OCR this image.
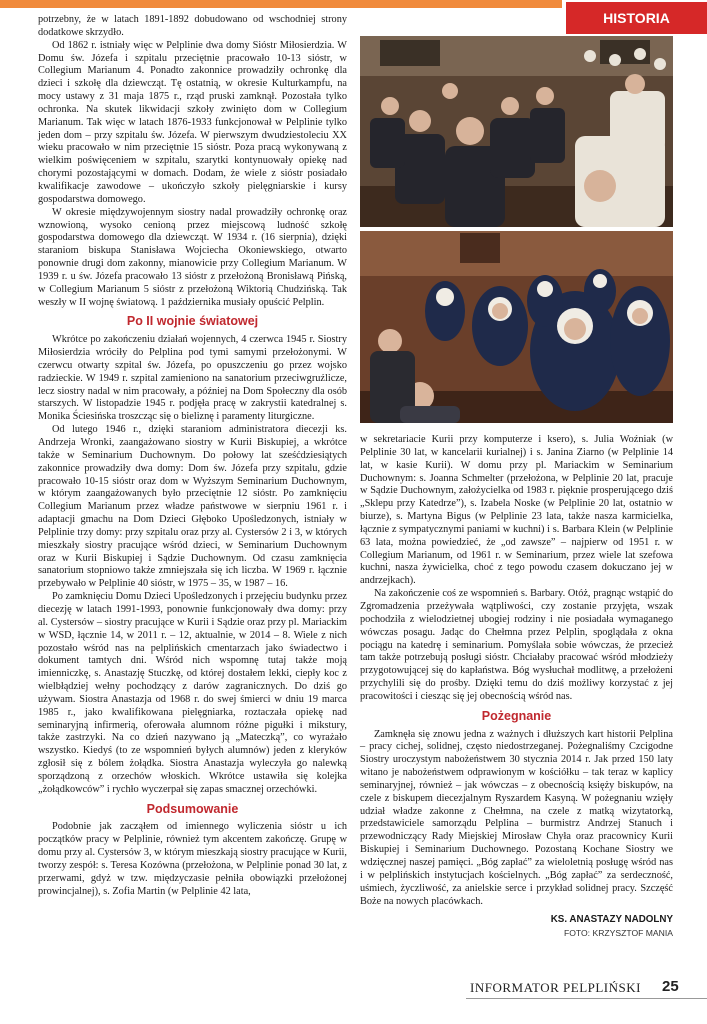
HISTORIA

potrzebny, że w latach 1891-1892 dobudowano od wschodniej strony dodatkowe skrzydło.

Od 1862 r. istniały więc w Pelplinie dwa domy Sióstr Miłosierdzia. W Domu św. Józefa i szpitalu przeciętnie pracowało 10-13 sióstr, w Collegium Marianum 4. Ponadto zakonnice prowadziły ochronkę dla dzieci i szkołę dla dziewcząt. Tę ostatnią, w okresie Kulturkampfu, na mocy ustawy z 31 maja 1875 r., rząd pruski zamknął. Pozostała tylko ochronka. Na skutek likwidacji szkoły zwinięto dom w Collegium Marianum. Tak więc w latach 1876-1933 funkcjonował w Pelplinie tylko jeden dom – przy szpitalu św. Józefa. W pierwszym dwudziestoleciu XX wieku pracowało w nim przeciętnie 15 sióstr. Poza pracą wykonywaną z wielkim poświęceniem w szpitalu, szarytki kontynuowały opiekę nad chorymi pozostającymi w domach. Dodam, że wiele z sióstr posiadało kwalifikacje zawodowe – ukończyło szkoły pielęgniarskie i kursy gospodarstwa domowego.

W okresie międzywojennym siostry nadal prowadziły ochronkę oraz wznowioną, wysoko cenioną przez miejscową ludność szkołę gospodarstwa domowego dla dziewcząt. W 1934 r. (16 sierpnia), dzięki staraniom biskupa Stanisława Wojciecha Okoniewskiego, otwarto ponownie drugi dom zakonny, mianowicie przy Collegium Marianum. W 1939 r. u św. Józefa pracowało 13 sióstr z przełożoną Bronisławą Pińską, w Collegium Marianum 5 sióstr z przełożoną Wiktorią Chudzińską. Tak weszły w II wojnę światową. 1 października musiały opuścić Pelplin.

Po II wojnie światowej

Wkrótce po zakończeniu działań wojennych, 4 czerwca 1945 r. Siostry Miłosierdzia wróciły do Pelplina pod tymi samymi przełożonymi. W czerwcu otwarty szpital św. Józefa, po opuszczeniu go przez wojsko radzieckie. W 1949 r. szpital zamieniono na sanatorium przeciwgruźlicze, lecz siostry nadal w nim pracowały, a później na Dom Społeczny dla osób starszych. W listopadzie 1945 r. podjęła pracę w zakrystii katedralnej s. Monika Ściesińska troszcząc się o bieliznę i paramenty liturgiczne.

Od lutego 1946 r., dzięki staraniom administratora diecezji ks. Andrzeja Wronki, zaangażowano siostry w Kurii Biskupiej, a wkrótce także w Seminarium Duchownym. Do połowy lat sześćdziesiątych zakonnice prowadziły dwa domy: Dom św. Józefa przy szpitalu, gdzie pracowało 10-15 sióstr oraz dom w Wyższym Seminarium Duchownym, w którym zaangażowanych było przeciętnie 12 sióstr. Po zamknięciu Collegium Marianum przez władze państwowe w sierpniu 1961 r. i adaptacji gmachu na Dom Dzieci Głęboko Upośledzonych, istniały w Pelplinie trzy domy: przy szpitalu oraz przy al. Cystersów 2 i 3, w których mieszkały siostry pracujące wśród dzieci, w Seminarium Duchownym oraz w Kurii Biskupiej i Sądzie Duchownym. Od czasu zamknięcia sanatorium stopniowo także zmniejszała się ich liczba. W 1969 r. łącznie przebywało w Pelplinie 40 sióstr, w 1975 – 35, w 1987 – 16.

Po zamknięciu Domu Dzieci Upośledzonych i przejęciu budynku przez diecezję w latach 1991-1993, ponownie funkcjonowały dwa domy: przy al. Cystersów – siostry pracujące w Kurii i Sądzie oraz przy pl. Mariackim w WSD, łącznie 14, w 2011 r. – 12, aktualnie, w 2014 – 8. Wiele z nich pozostało wśród nas na pelplińskich cmentarzach jako świadectwo i dokument tamtych dni. Wśród nich wspomnę tutaj także moją imienniczkę, s. Anastazję Stuczkę, od której dostałem lekki, ciepły koc z wielbłądziej wełny pochodzący z darów zagranicznych. Do dziś go używam. Siostra Anastazja od 1968 r. do swej śmierci w dniu 19 marca 1985 r., jako kwalifikowana pielęgniarka, roztaczała opiekę nad seminaryjną infirmerią, oferowała alumnom różne pigułki i mikstury, także zastrzyki. Na co dzień nazywano ją „Mateczką”, co wyrażało wszystko. Kiedyś (to ze wspomnień byłych alumnów) jeden z kleryków zgłosił się z bólem żołądka. Siostra Anastazja wyleczyła go nalewką sporządzoną z orzechów włoskich. Wkrótce ustawiła się kolejka „żołądkowców” i rychło wyczerpał się zapas smacznej orzechówki.

Podsumowanie

Podobnie jak zacząłem od imiennego wyliczenia sióstr u ich początków pracy w Pelplinie, również tym akcentem zakończę. Grupę w domu przy al. Cystersów 3, w którym mieszkają siostry pracujące w Kurii, tworzy zespół: s. Teresa Kozówna (przełożona, w Pelplinie ponad 30 lat, z przerwami, gdyż w tzw. międzyczasie pełniła obowiązki przełożonej prowincjalnej), s. Zofia Martin (w Pelplinie 42 lata,

w sekretariacie Kurii przy komputerze i ksero), s. Julia Woźniak (w Pelplinie 30 lat, w kancelarii kurialnej) i s. Janina Ziarno (w Pelplinie 14 lat, w kasie Kurii). W domu przy pl. Mariackim w Seminarium Duchownym: s. Joanna Schmelter (przełożona, w Pelplinie 20 lat, pracuje w Sądzie Duchownym, założycielka od 1983 r. pięknie prosperującego dziś „Sklepu przy Katedrze”), s. Izabela Noske (w Pelplinie 20 lat, ostatnio w biurze), s. Martyna Bigus (w Pelplinie 23 lata, także nasza karmicielka, łącznie z sympatycznymi paniami w kuchni) i s. Barbara Klein (w Pelplinie 63 lata, można powiedzieć, że „od zawsze” – najpierw od 1951 r. w Collegium Marianum, od 1961 r. w Seminarium, przez wiele lat szefowa kuchni, nasza żywicielka, choć z tego powodu czasem dokuczano jej w andrzejkach).

Na zakończenie coś ze wspomnień s. Barbary. Otóż, pragnąc wstąpić do Zgromadzenia przeżywała wątpliwości, czy zostanie przyjęta, wszak pochodziła z wielodzietnej ubogiej rodziny i nie posiadała wymaganego wówczas posagu. Jadąc do Chełmna przez Pelplin, spoglądała z okna pociągu na katedrę i seminarium. Pomyślała sobie wówczas, że przecież tam także potrzebują posługi sióstr. Chciałaby pracować wśród młodzieży przygotowującej się do kapłaństwa. Bóg wysłuchał modlitwę, a przełożeni przychylili się do prośby. Dzięki temu do dziś możliwy korzystać z jej pracowitości i ciesząc się jej obecnością wśród nas.

Pożegnanie

Zamknęła się znowu jedna z ważnych i dłuższych kart historii Pelplina – pracy cichej, solidnej, często niedostrzeganej. Pożegnaliśmy Czcigodne Siostry uroczystym nabożeństwem 30 stycznia 2014 r. Jak przed 150 laty witano je nabożeństwem odprawionym w kościółku – tak teraz w kaplicy seminaryjnej, również – jak wówczas – z obecnością księży biskupów, na czele z biskupem diecezjalnym Ryszardem Kasyną. W pożegnaniu wzięły udział władze zakonne z Chełmna, na czele z matką wizytatorką, przedstawiciele samorządu Pelplina – burmistrz Andrzej Stanuch i przewodniczący Rady Miejskiej Mirosław Chyła oraz pracownicy Kurii Biskupiej i Seminarium Duchownego. Pozostaną Kochane Siostry we wdzięcznej naszej pamięci. „Bóg zapłać” za wieloletnią posługę wśród nas i w pelplińskich instytucjach kościelnych. „Bóg zapłać” za serdeczność, uśmiech, życzliwość, za anielskie serce i przykład solidnej pracy. Szczęść Boże na nowych placówkach.

KS. ANASTAZY NADOLNY
FOTO: KRZYSZTOF MANIA
INFORMATOR PELPLIŃSKI 25
